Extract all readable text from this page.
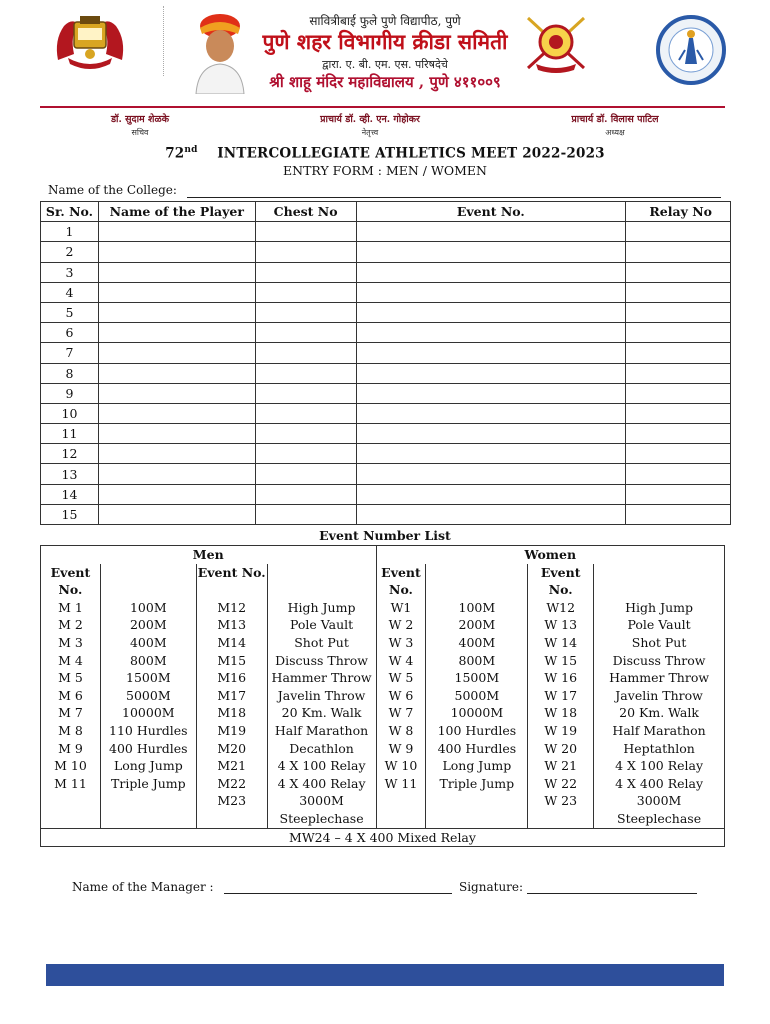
सावित्रीबाई फुले पुणे विद्यापीठ, पुणे
पुणे शहर विभागीय क्रीडा समिती
द्वारा. ए. बी. एम. एस. परिषदेचे
श्री शाहू मंदिर महाविद्यालय , पुणे ४११००९
डॉ. सुदाम शेळके
सचिव
प्राचार्य डॉ. व्ही. एन. गोहोकर
नेतृत्त्व
प्राचार्य डॉ. विलास पाटिल
अध्यक्ष
72nd INTERCOLLEGIATE ATHLETICS MEET 2022-2023
ENTRY FORM : MEN / WOMEN
Name of the College:
Sr. No.	Name of the Player	Chest No	Event No.	Relay No
1				
2				
3				
4				
5				
6				
7				
8				
9				
10				
11				
12				
13				
14				
15				
Event Number List
Men				Women			
Event No.		Event No.		Event No.		Event No.	
M 1	100M	M12	High Jump	W1	100M	W12	High Jump
M 2	200M	M13	Pole Vault	W 2	200M	W 13	Pole Vault
M 3	400M	M14	Shot Put	W 3	400M	W 14	Shot Put
M 4	800M	M15	Discuss Throw	W 4	800M	W 15	Discuss Throw
M 5	1500M	M16	Hammer Throw	W 5	1500M	W 16	Hammer Throw
M 6	5000M	M17	Javelin Throw	W 6	5000M	W 17	Javelin Throw
M 7	10000M	M18	20 Km. Walk	W 7	10000M	W 18	20 Km. Walk
M 8	110 Hurdles	M19	Half Marathon	W 8	100 Hurdles	W 19	Half Marathon
M 9	400 Hurdles	M20	Decathlon	W 9	400 Hurdles	W 20	Heptathlon
M 10	Long Jump	M21	4 X 100 Relay	W 10	Long Jump	W 21	4 X 100 Relay
M 11	Triple Jump	M22	4 X 400 Relay	W 11	Triple Jump	W 22	4 X 400 Relay
		M23	3000M Steeplechase			W 23	3000M Steeplechase
MW24 – 4 X 400 Mixed Relay							
Name of the Manager :	Signature:
